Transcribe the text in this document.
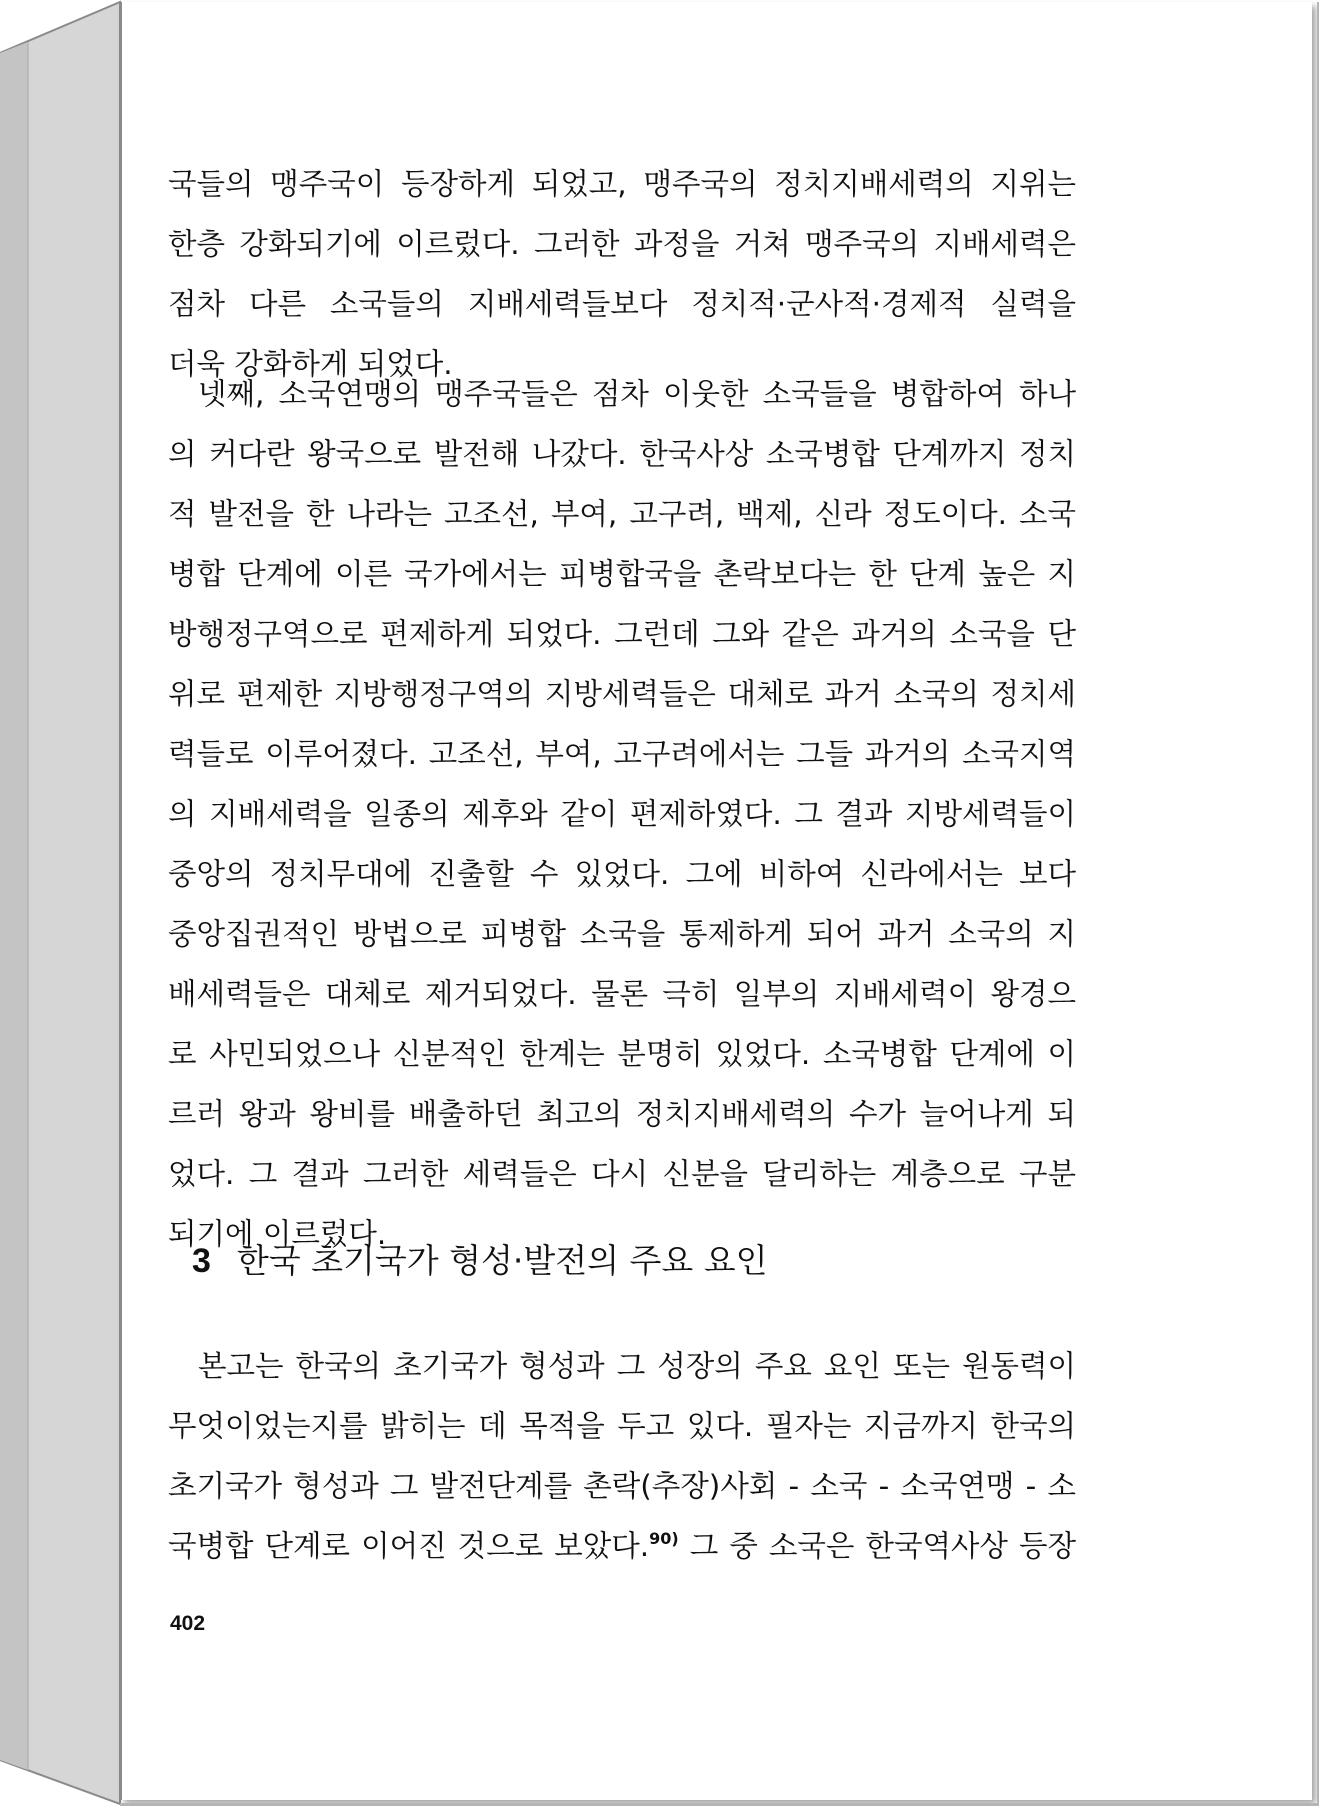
국들의 맹주국이 등장하게 되었고, 맹주국의 정치지배세력의 지위는
한층 강화되기에 이르렀다. 그러한 과정을 거쳐 맹주국의 지배세력은
점차 다른 소국들의 지배세력들보다 정치적·군사적·경제적 실력을
더욱 강화하게 되었다.
넷째, 소국연맹의 맹주국들은 점차 이웃한 소국들을 병합하여 하나
의 커다란 왕국으로 발전해 나갔다. 한국사상 소국병합 단계까지 정치
적 발전을 한 나라는 고조선, 부여, 고구려, 백제, 신라 정도이다. 소국
병합 단계에 이른 국가에서는 피병합국을 촌락보다는 한 단계 높은 지
방행정구역으로 편제하게 되었다. 그런데 그와 같은 과거의 소국을 단
위로 편제한 지방행정구역의 지방세력들은 대체로 과거 소국의 정치세
력들로 이루어졌다. 고조선, 부여, 고구려에서는 그들 과거의 소국지역
의 지배세력을 일종의 제후와 같이 편제하였다. 그 결과 지방세력들이
중앙의 정치무대에 진출할 수 있었다. 그에 비하여 신라에서는 보다
중앙집권적인 방법으로 피병합 소국을 통제하게 되어 과거 소국의 지
배세력들은 대체로 제거되었다. 물론 극히 일부의 지배세력이 왕경으
로 사민되었으나 신분적인 한계는 분명히 있었다. 소국병합 단계에 이
르러 왕과 왕비를 배출하던 최고의 정치지배세력의 수가 늘어나게 되
었다. 그 결과 그러한 세력들은 다시 신분을 달리하는 계층으로 구분
되기에 이르렀다.
3 한국 초기국가 형성·발전의 주요 요인
본고는 한국의 초기국가 형성과 그 성장의 주요 요인 또는 원동력이
무엇이었는지를 밝히는 데 목적을 두고 있다. 필자는 지금까지 한국의
초기국가 형성과 그 발전단계를 촌락(추장)사회 - 소국 - 소국연맹 - 소
국병합 단계로 이어진 것으로 보았다.$^{90)}$ 그 중 소국은 한국역사상 등장
402
